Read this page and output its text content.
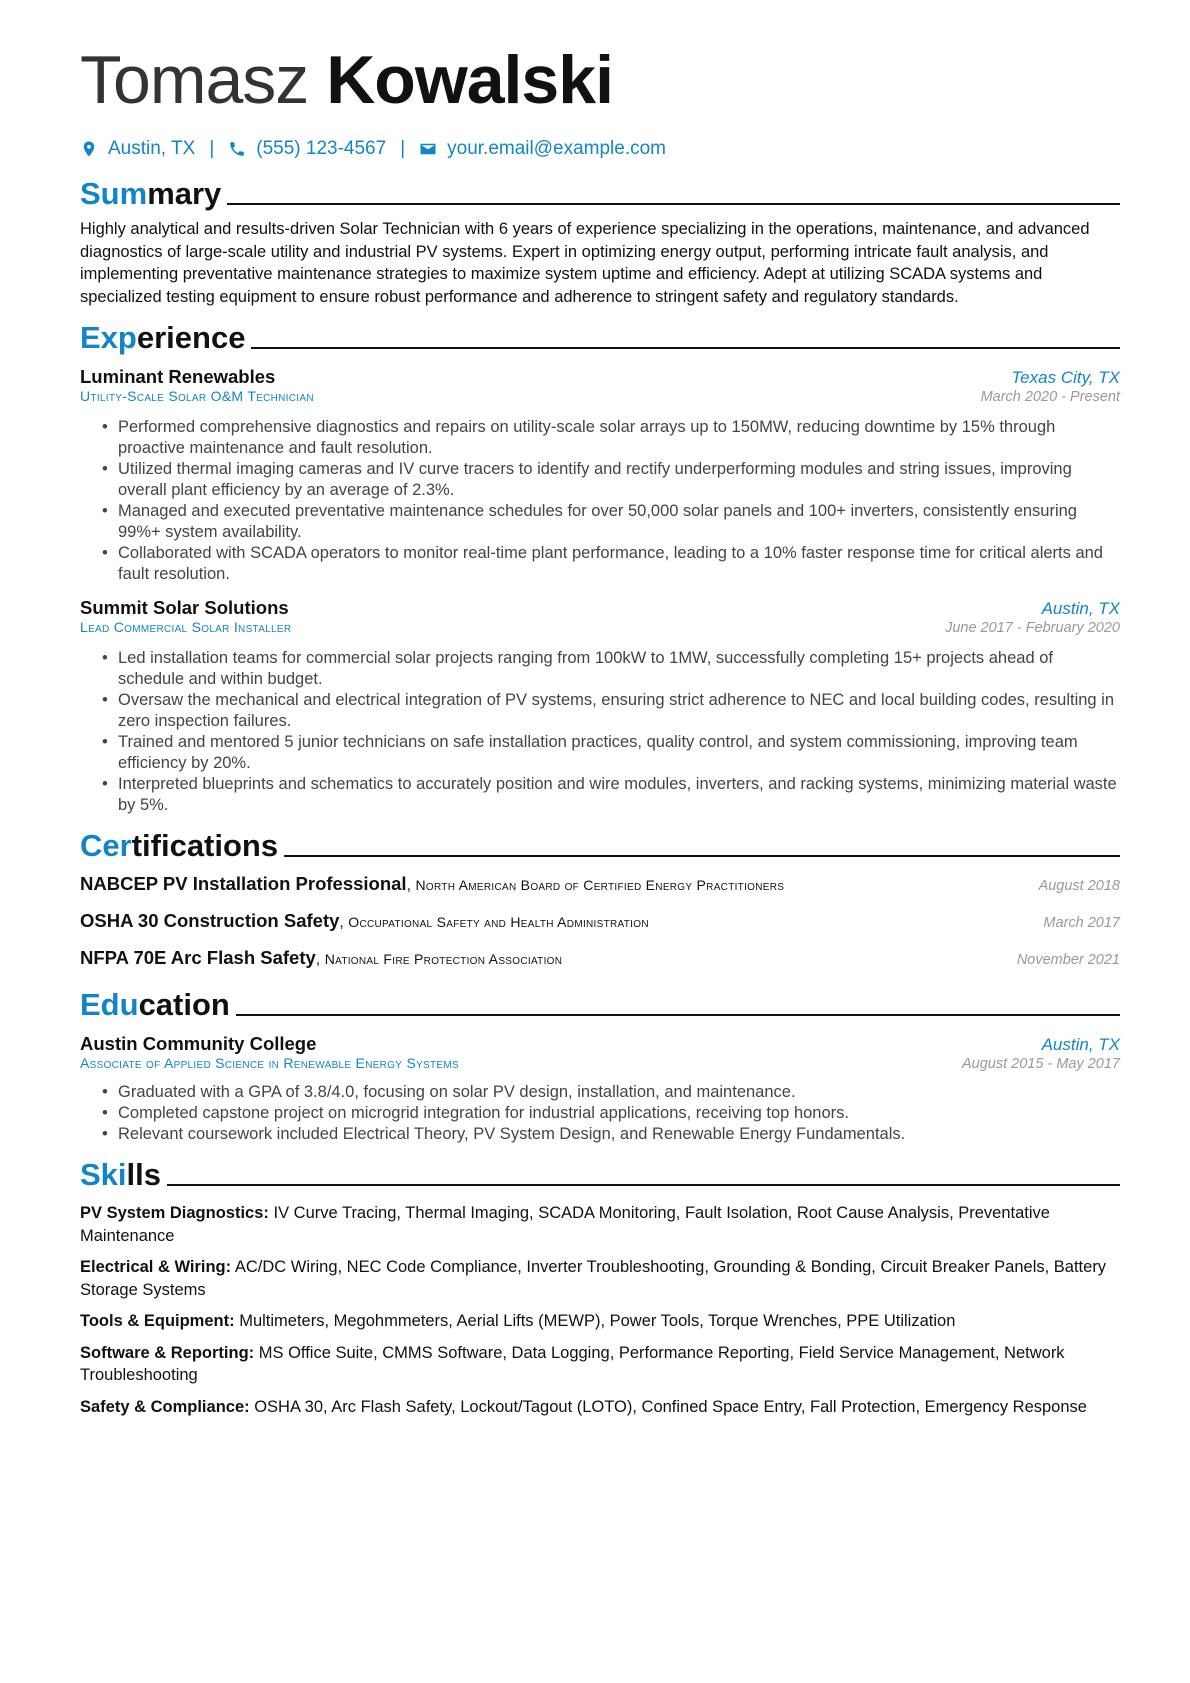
Tomasz Kowalski
Austin, TX | (555) 123-4567 | your.email@example.com
Summary

Highly analytical and results-driven Solar Technician with 6 years of experience specializing in the operations, maintenance, and advanced diagnostics of large-scale utility and industrial PV systems. Expert in optimizing energy output, performing intricate fault analysis, and implementing preventative maintenance strategies to maximize system uptime and efficiency. Adept at utilizing SCADA systems and specialized testing equipment to ensure robust performance and adherence to stringent safety and regulatory standards.

Experience
Luminant Renewables	Texas City, TX
Utility-Scale Solar O&M Technician	March 2020 - Present
• Performed comprehensive diagnostics and repairs on utility-scale solar arrays up to 150MW, reducing downtime by 15% through proactive maintenance and fault resolution.
• Utilized thermal imaging cameras and IV curve tracers to identify and rectify underperforming modules and string issues, improving overall plant efficiency by an average of 2.3%.
• Managed and executed preventative maintenance schedules for over 50,000 solar panels and 100+ inverters, consistently ensuring 99%+ system availability.
• Collaborated with SCADA operators to monitor real-time plant performance, leading to a 10% faster response time for critical alerts and fault resolution.
Summit Solar Solutions	Austin, TX
Lead Commercial Solar Installer	June 2017 - February 2020
• Led installation teams for commercial solar projects ranging from 100kW to 1MW, successfully completing 15+ projects ahead of schedule and within budget.
• Oversaw the mechanical and electrical integration of PV systems, ensuring strict adherence to NEC and local building codes, resulting in zero inspection failures.
• Trained and mentored 5 junior technicians on safe installation practices, quality control, and system commissioning, improving team efficiency by 20%.
• Interpreted blueprints and schematics to accurately position and wire modules, inverters, and racking systems, minimizing material waste by 5%.
Certifications
NABCEP PV Installation Professional, North American Board of Certified Energy Practitioners	August 2018
OSHA 30 Construction Safety, Occupational Safety and Health Administration	March 2017
NFPA 70E Arc Flash Safety, National Fire Protection Association	November 2021
Education
Austin Community College	Austin, TX
Associate of Applied Science in Renewable Energy Systems	August 2015 - May 2017
• Graduated with a GPA of 3.8/4.0, focusing on solar PV design, installation, and maintenance.
• Completed capstone project on microgrid integration for industrial applications, receiving top honors.
• Relevant coursework included Electrical Theory, PV System Design, and Renewable Energy Fundamentals.
Skills
PV System Diagnostics: IV Curve Tracing, Thermal Imaging, SCADA Monitoring, Fault Isolation, Root Cause Analysis, Preventative Maintenance
Electrical & Wiring: AC/DC Wiring, NEC Code Compliance, Inverter Troubleshooting, Grounding & Bonding, Circuit Breaker Panels, Battery Storage Systems
Tools & Equipment: Multimeters, Megohmmeters, Aerial Lifts (MEWP), Power Tools, Torque Wrenches, PPE Utilization
Software & Reporting: MS Office Suite, CMMS Software, Data Logging, Performance Reporting, Field Service Management, Network Troubleshooting
Safety & Compliance: OSHA 30, Arc Flash Safety, Lockout/Tagout (LOTO), Confined Space Entry, Fall Protection, Emergency Response
